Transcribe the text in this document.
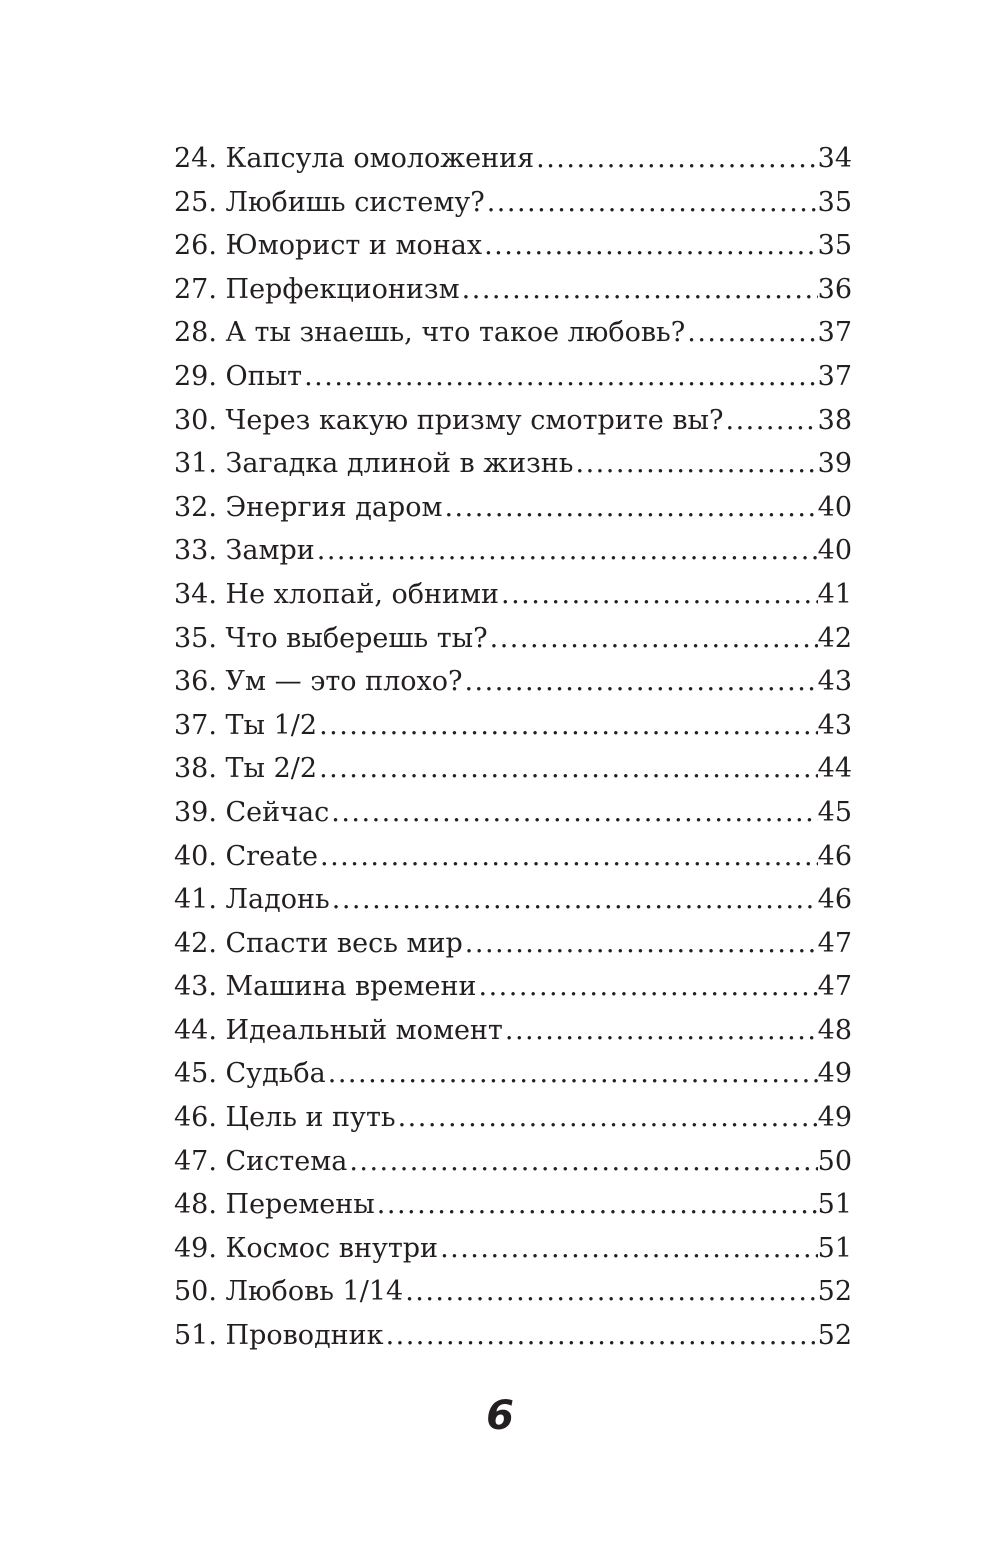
24. Капсула омоложения .....	34
25. Любишь систему? .....	35
26. Юморист и монах .....	35
27. Перфекционизм .....	36
28. А ты знаешь, что такое любовь? .....	37
29. Опыт .....	37
30. Через какую призму смотрите вы? .....	38
31. Загадка длиной в жизнь .....	39
32. Энергия даром .....	40
33. Замри .....	40
34. Не хлопай, обними .....	41
35. Что выберешь ты? .....	42
36. Ум — это плохо? .....	43
37. Ты 1/2 .....	43
38. Ты 2/2 .....	44
39. Сейчас .....	45
40. Create .....	46
41. Ладонь .....	46
42. Спасти весь мир .....	47
43. Машина времени .....	47
44. Идеальный момент .....	48
45. Судьба .....	49
46. Цель и путь .....	49
47. Система .....	50
48. Перемены .....	51
49. Космос внутри .....	51
50. Любовь 1/14 .....	52
51. Проводник .....	52
6
